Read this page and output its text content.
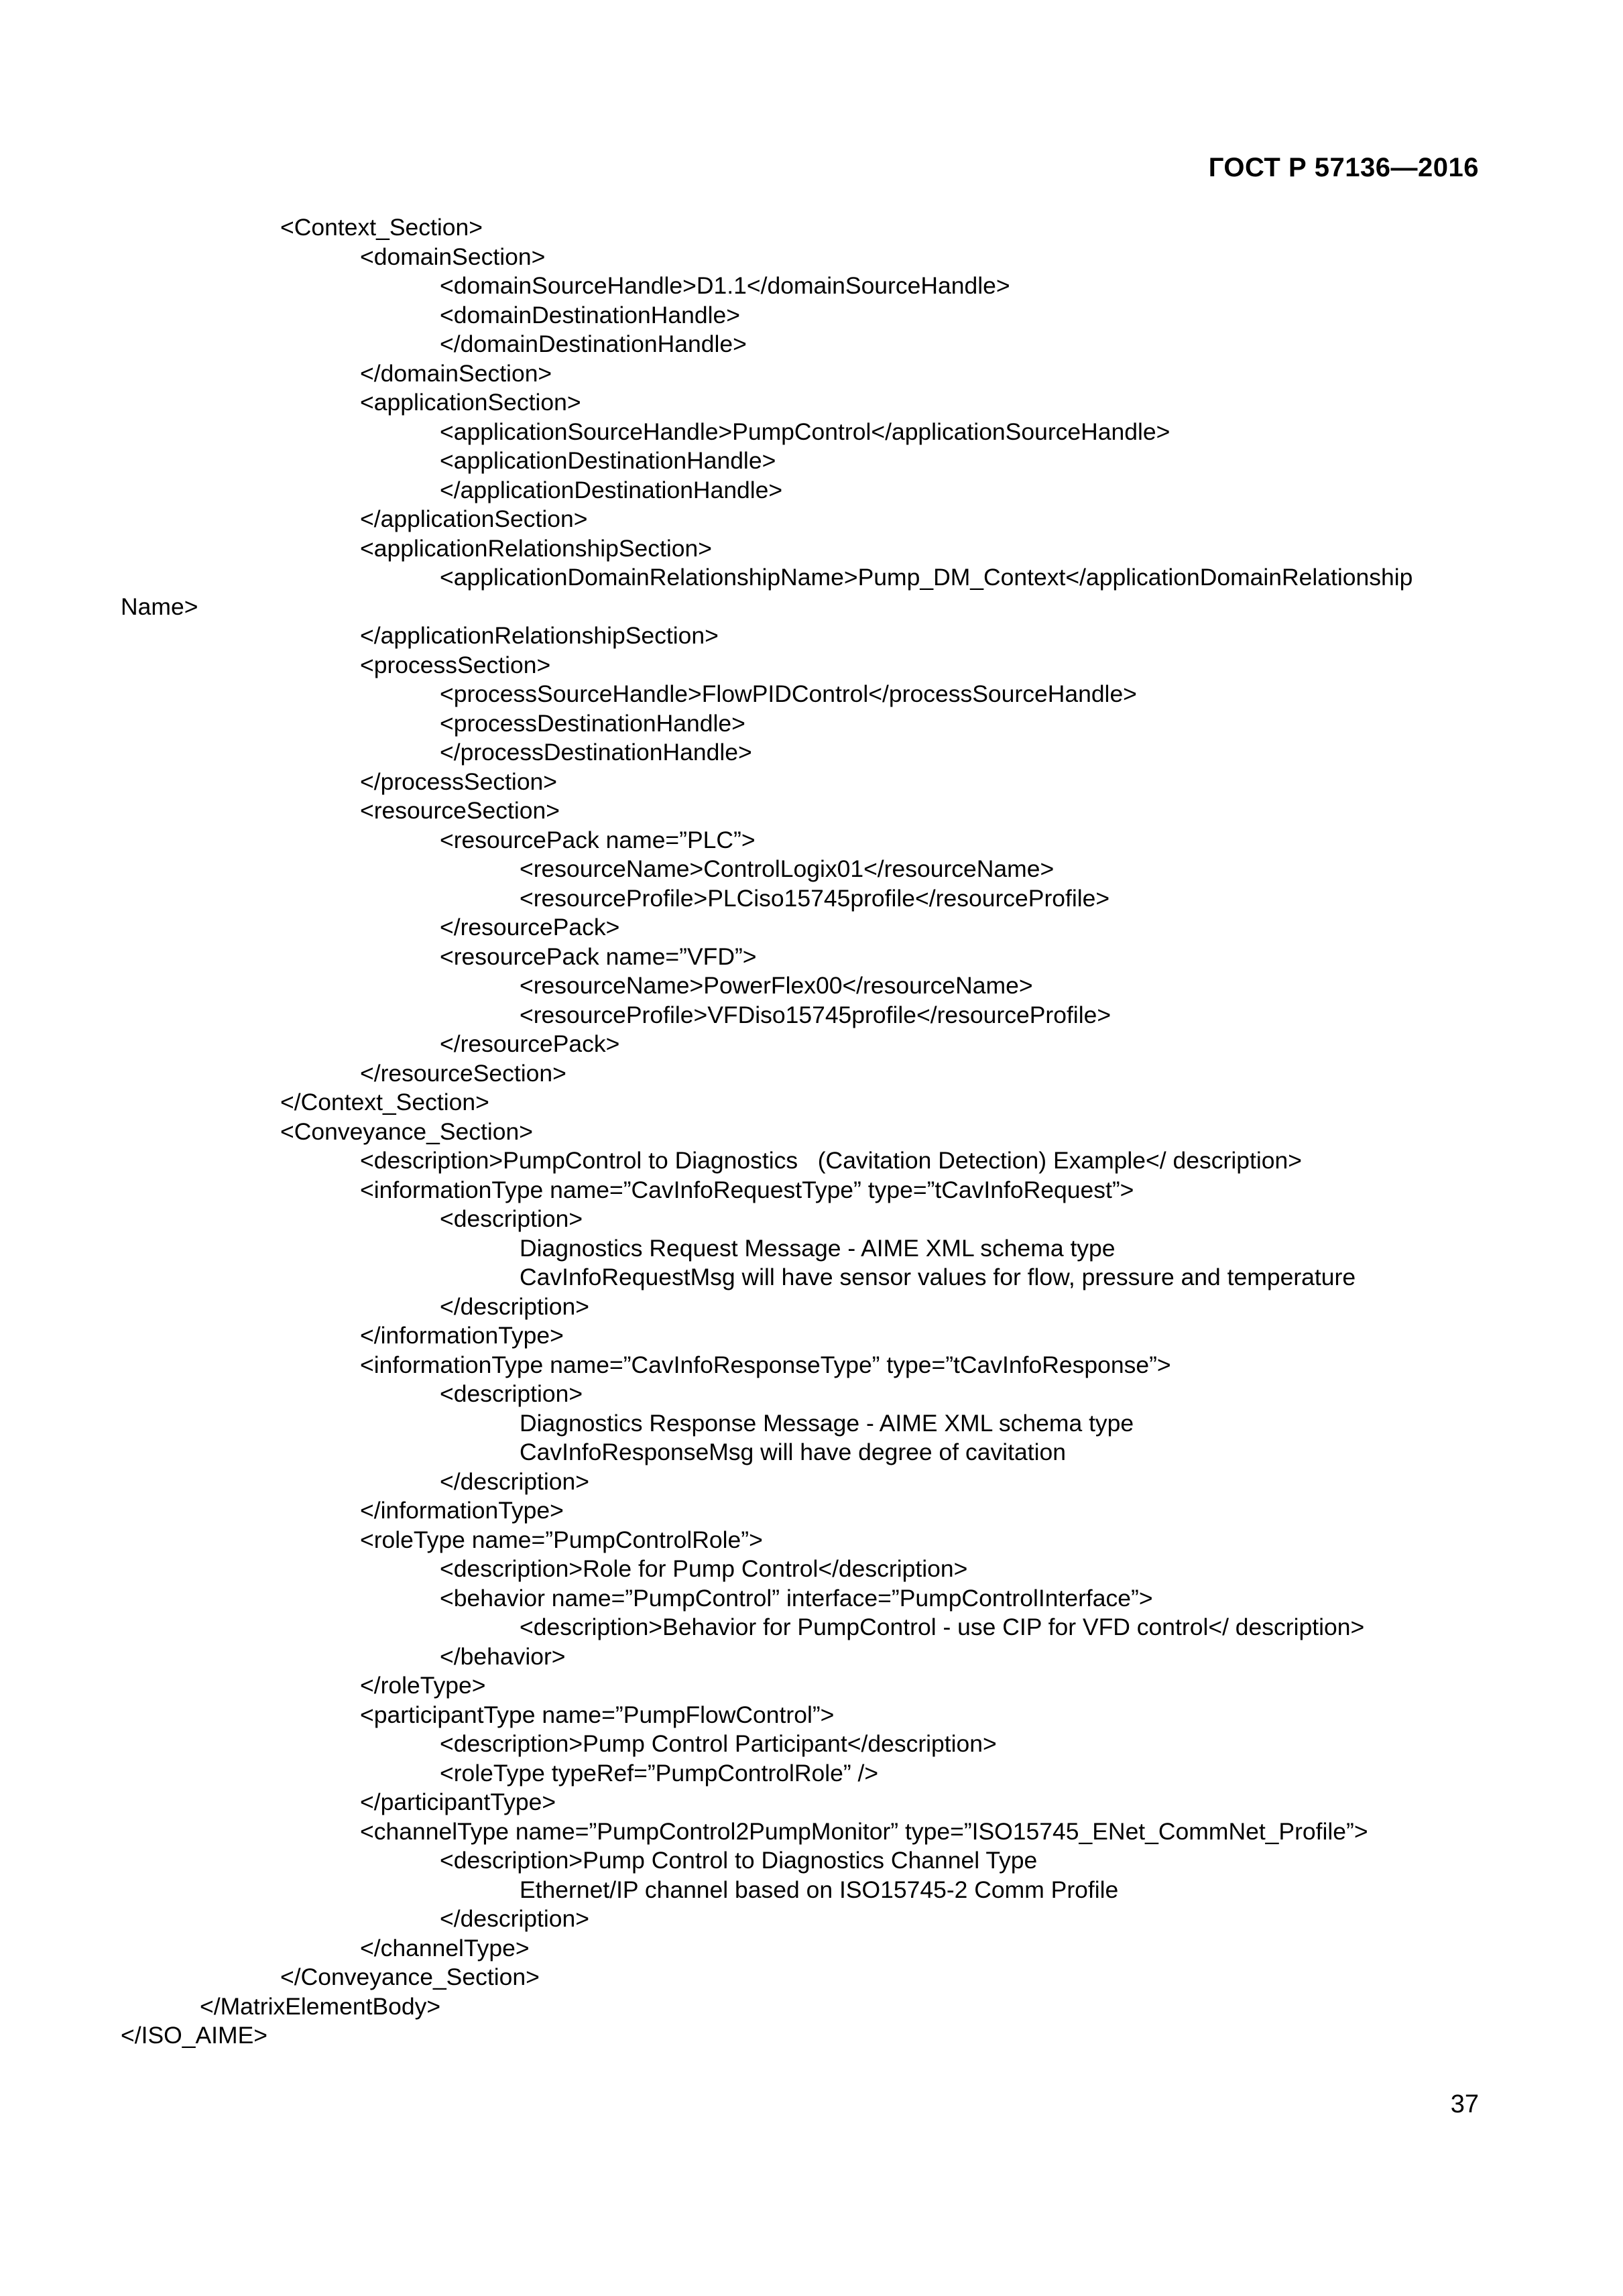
ГОСТ Р 57136—2016
<Context_Section>
<domainSection>
<domainSourceHandle>D1.1</domainSourceHandle>
<domainDestinationHandle>
</domainDestinationHandle>
</domainSection>
<applicationSection>
<applicationSourceHandle>PumpControl</applicationSourceHandle>
<applicationDestinationHandle>
</applicationDestinationHandle>
</applicationSection>
<applicationRelationshipSection>
<applicationDomainRelationshipName>Pump_DM_Context</applicationDomainRelationship
Name>
</applicationRelationshipSection>
<processSection>
<processSourceHandle>FlowPIDControl</processSourceHandle>
<processDestinationHandle>
</processDestinationHandle>
</processSection>
<resourceSection>
<resourcePack name=”PLC”>
<resourceName>ControlLogix01</resourceName>
<resourceProfile>PLCiso15745profile</resourceProfile>
</resourcePack>
<resourcePack name=”VFD”>
<resourceName>PowerFlex00</resourceName>
<resourceProfile>VFDiso15745profile</resourceProfile>
</resourcePack>
</resourceSection>
</Context_Section>
<Conveyance_Section>
<description>PumpControl to Diagnostics   (Cavitation Detection) Example</ description>
<informationType name=”CavInfoRequestType” type=”tCavInfoRequest”>
<description>
Diagnostics Request Message - AIME XML schema type
CavInfoRequestMsg will have sensor values for flow, pressure and temperature
</description>
</informationType>
<informationType name=”CavInfoResponseType” type=”tCavInfoResponse”>
<description>
Diagnostics Response Message - AIME XML schema type
CavInfoResponseMsg will have degree of cavitation
</description>
</informationType>
<roleType name=”PumpControlRole”>
<description>Role for Pump Control</description>
<behavior name=”PumpControl” interface=”PumpControlInterface”>
<description>Behavior for PumpControl - use CIP for VFD control</ description>
</behavior>
</roleType>
<participantType name=”PumpFlowControl”>
<description>Pump Control Participant</description>
<roleType typeRef=”PumpControlRole” />
</participantType>
<channelType name=”PumpControl2PumpMonitor” type=”ISO15745_ENet_CommNet_Profile”>
<description>Pump Control to Diagnostics Channel Type
Ethernet/IP channel based on ISO15745-2 Comm Profile
</description>
</channelType>
</Conveyance_Section>
</MatrixElementBody>
</ISO_AIME>
37
